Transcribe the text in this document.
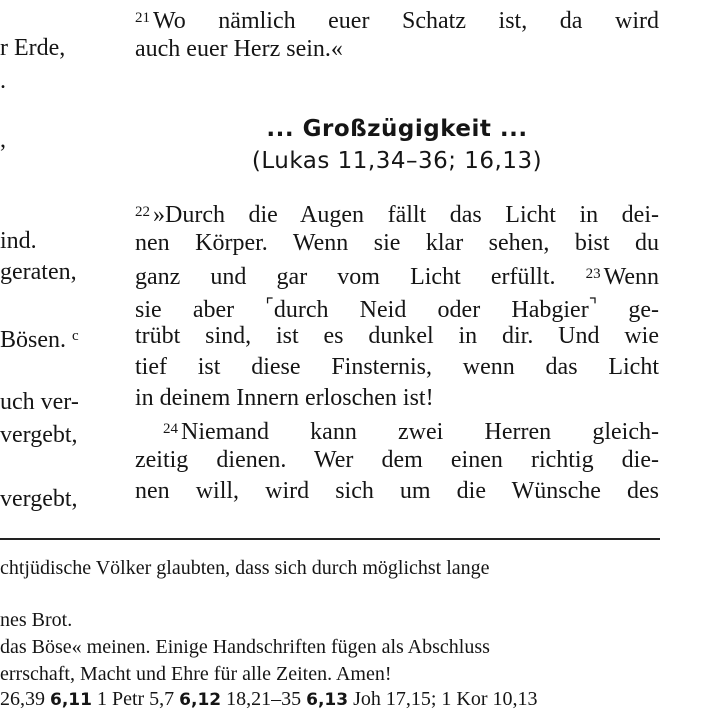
r Erde,
.
,
ind.
geraten,
Bösen. $^c$
uch ver-
vergebt,
vergebt,
$^{21}$ Wo nämlich euer Schatz ist, da wird
auch euer Herz sein.«
... Großzügigkeit ...
(Lukas 11,34–36; 16,13)
$^{22}$ »Durch die Augen fällt das Licht in dei-
nen Körper. Wenn sie klar sehen, bist du
ganz und gar vom Licht erfüllt. $^{23}$ Wenn
sie aber ⌜durch Neid oder Habgier⌝ ge-
trübt sind, ist es dunkel in dir. Und wie
tief ist diese Finsternis, wenn das Licht
in deinem Innern erloschen ist!
$^{24}$ Niemand kann zwei Herren gleich-
zeitig dienen. Wer dem einen richtig die-
nen will, wird sich um die Wünsche des
chtjüdische Völker glaubten, dass sich durch möglichst lange
nes Brot.
das Böse« meinen. Einige Handschriften fügen als Abschluss
errschaft, Macht und Ehre für alle Zeiten. Amen!
26,39 6,11 1 Petr 5,7 6,12 18,21–35 6,13 Joh 17,15; 1 Kor 10,13
